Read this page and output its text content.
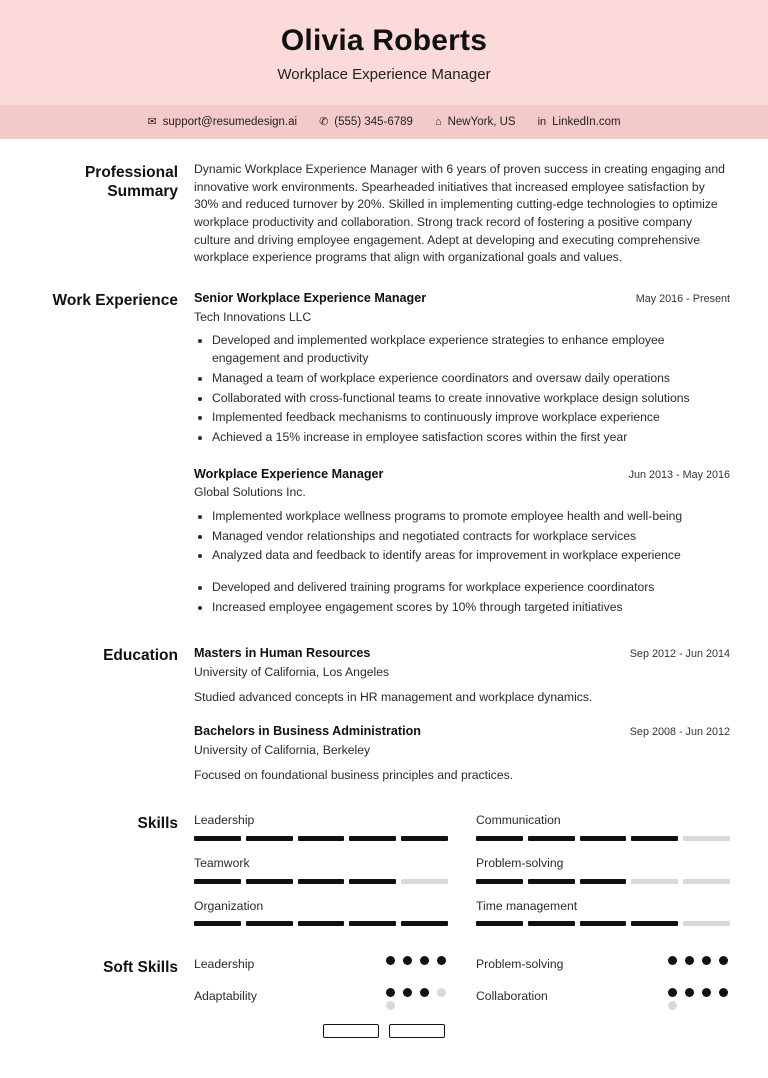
Olivia Roberts

Workplace Experience Manager

✉ support@resumedesign.ai ✆ (555) 345-6789 ⌂ NewYork, US in LinkedIn.com
Professional Summary
Dynamic Workplace Experience Manager with 6 years of proven success in creating engaging and innovative work environments. Spearheaded initiatives that increased employee satisfaction by 30% and reduced turnover by 20%. Skilled in implementing cutting-edge technologies to optimize workplace productivity and collaboration. Strong track record of fostering a positive company culture and driving employee engagement. Adept at developing and executing comprehensive workplace experience programs that align with organizational goals and values.
Work Experience Senior Workplace Experience Manager	May 2016 - Present
Tech Innovations LLC
• Developed and implemented workplace experience strategies to enhance employee engagement and productivity
• Managed a team of workplace experience coordinators and oversaw daily operations
• Collaborated with cross-functional teams to create innovative workplace design solutions
• Implemented feedback mechanisms to continuously improve workplace experience
• Achieved a 15% increase in employee satisfaction scores within the first year
Workplace Experience Manager	Jun 2013 - May 2016
Global Solutions Inc.
• Implemented workplace wellness programs to promote employee health and well-being
• Managed vendor relationships and negotiated contracts for workplace services
• Analyzed data and feedback to identify areas for improvement in workplace experience
• Developed and delivered training programs for workplace experience coordinators
• Increased employee engagement scores by 10% through targeted initiatives
Education Masters in Human Resources	Sep 2012 - Jun 2014
University of California, Los Angeles
Studied advanced concepts in HR management and workplace dynamics.
Bachelors in Business Administration	Sep 2008 - Jun 2012
University of California, Berkeley
Focused on foundational business principles and practices.
Skills Leadership	Communication
Teamwork	Problem-solving
Organization	Time management
Soft Skills Leadership	Problem-solving
Adaptability	Collaboration
